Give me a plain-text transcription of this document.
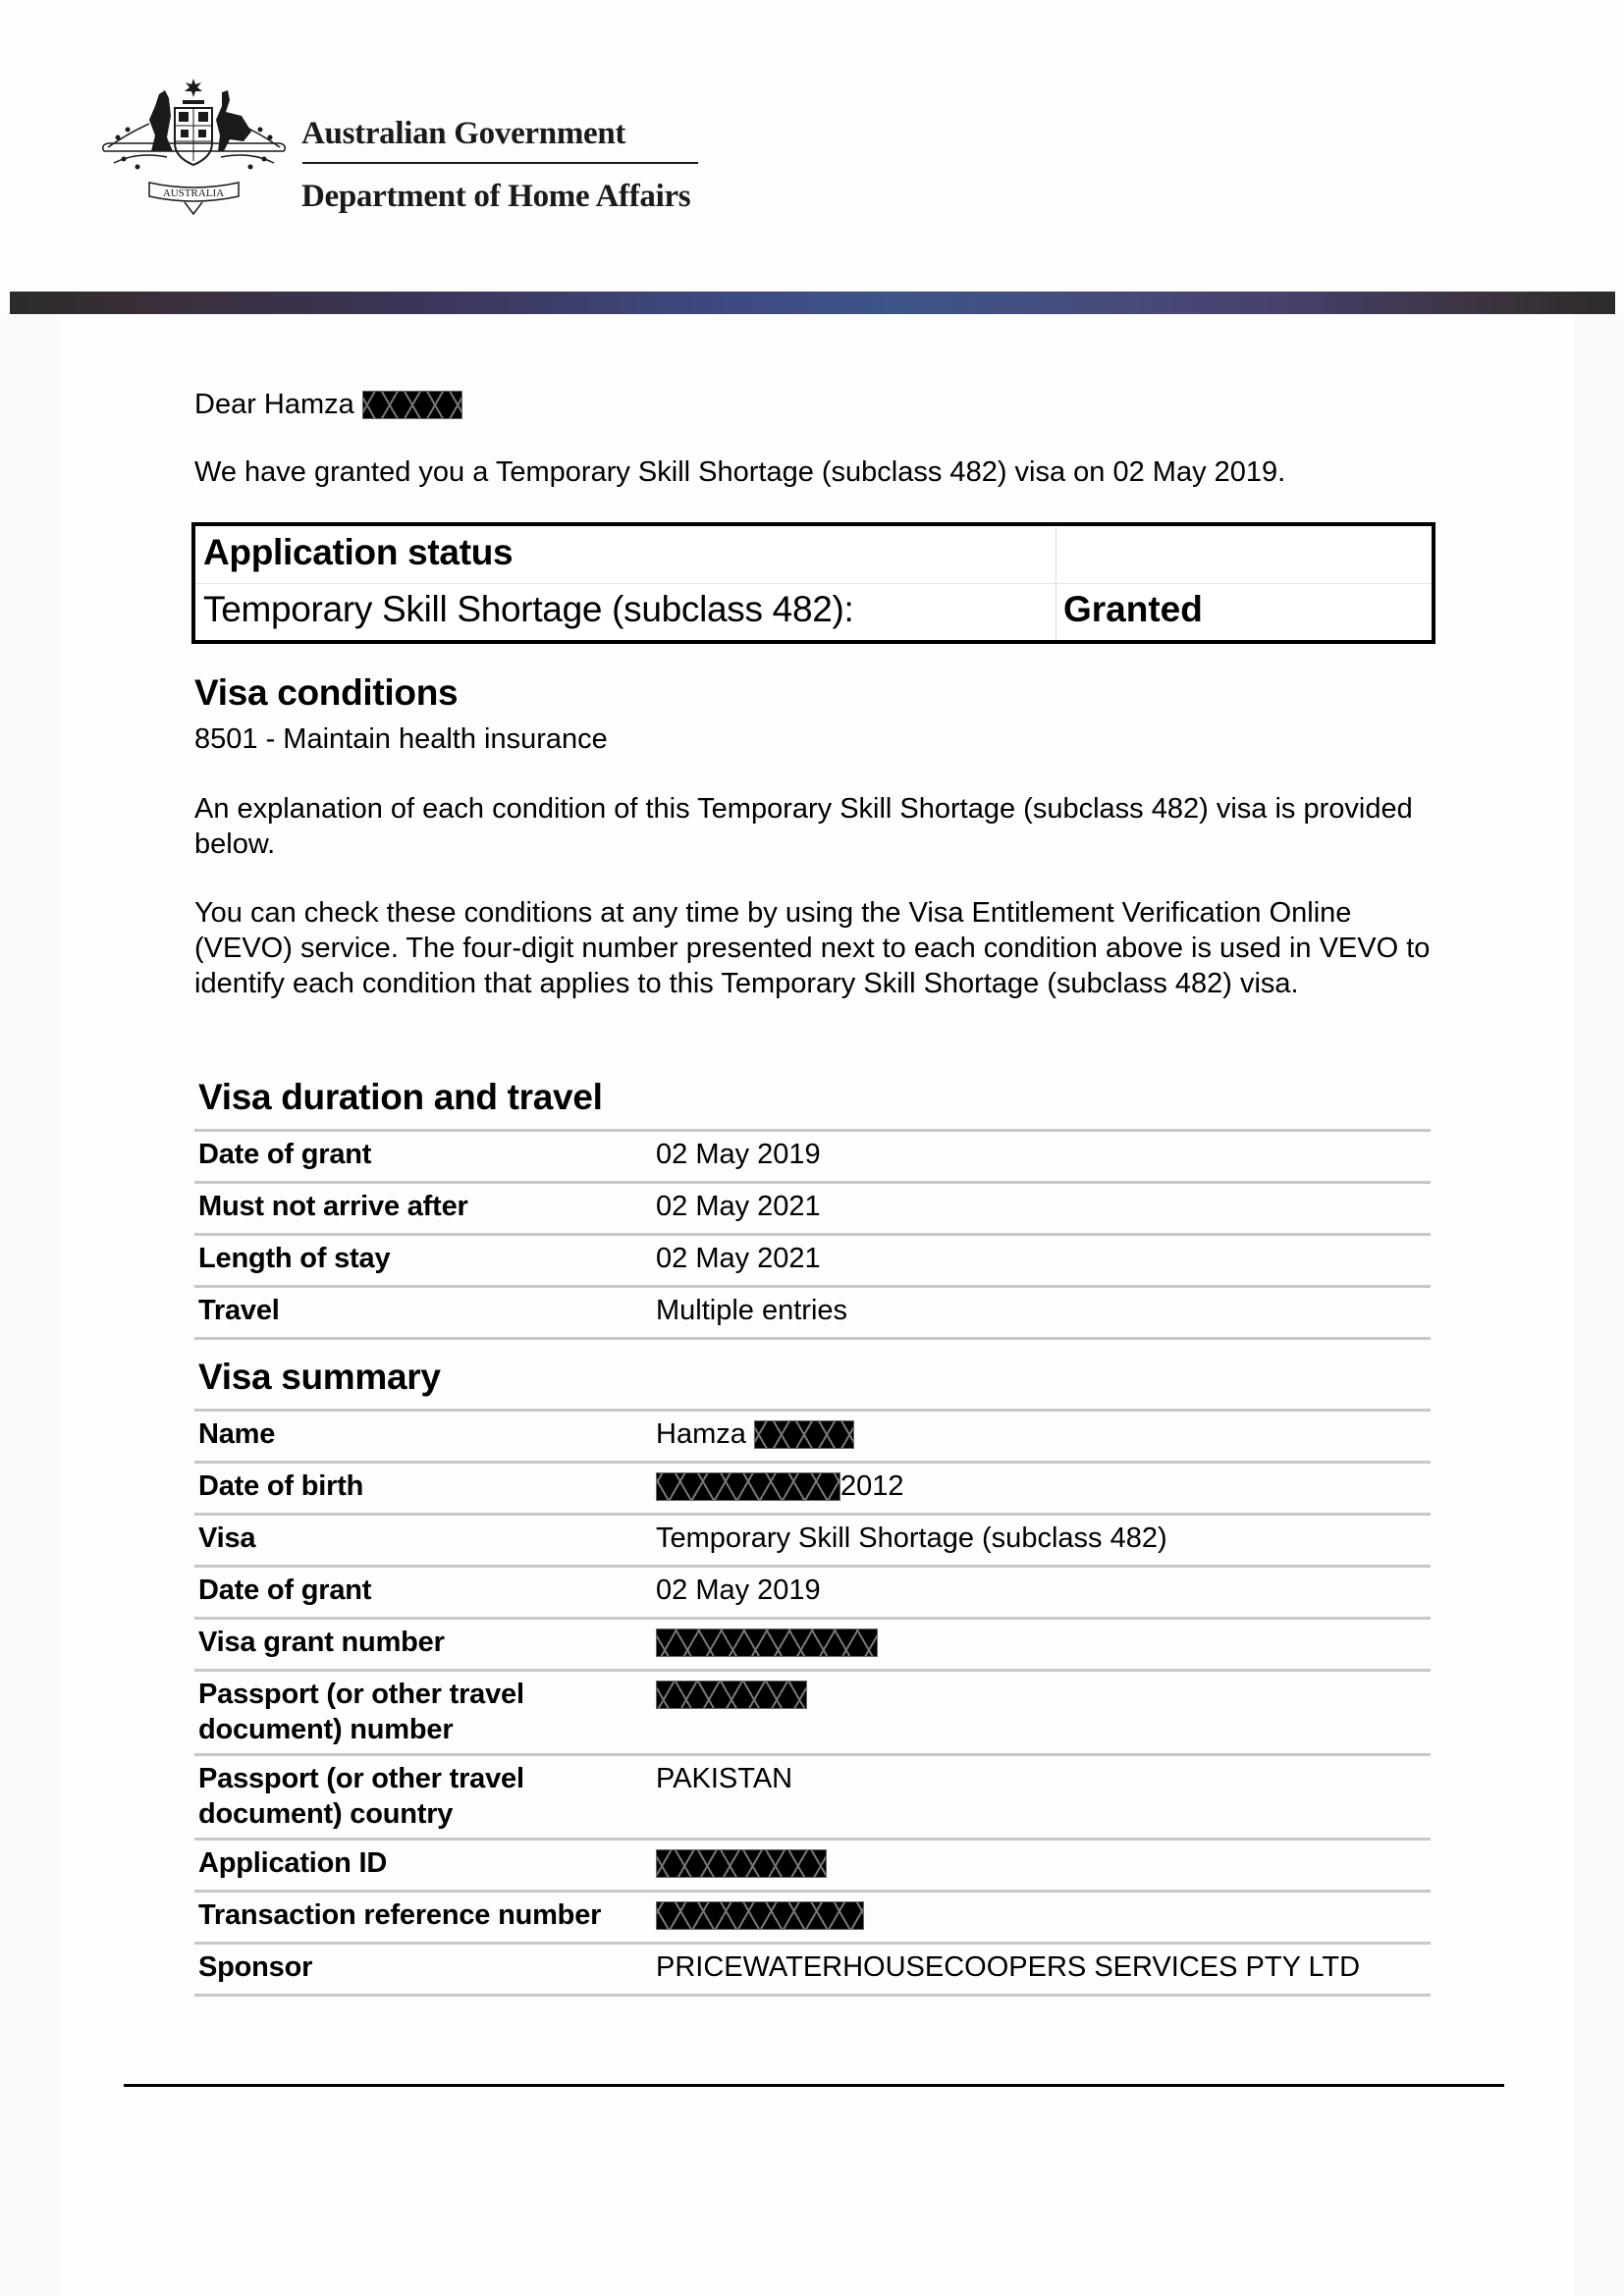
AUSTRALIA
Australian Government
Department of Home Affairs
Dear Hamza
We have granted you a Temporary Skill Shortage (subclass 482) visa on 02 May 2019.
Application status
Temporary Skill Shortage (subclass 482):	Granted
Visa conditions
8501 - Maintain health insurance
An explanation of each condition of this Temporary Skill Shortage (subclass 482) visa is provided below.
You can check these conditions at any time by using the Visa Entitlement Verification Online (VEVO) service. The four-digit number presented next to each condition above is used in VEVO to identify each condition that applies to this Temporary Skill Shortage (subclass 482) visa.
Visa duration and travel
Date of grant	02 May 2019
Must not arrive after	02 May 2021
Length of stay	02 May 2021
Travel	Multiple entries
Visa summary
Name	Hamza
Date of birth	2012
Visa	Temporary Skill Shortage (subclass 482)
Date of grant	02 May 2019
Visa grant number	
Passport (or other travel document) number	
Passport (or other travel document) country	PAKISTAN
Application ID	
Transaction reference number	
Sponsor	PRICEWATERHOUSECOOPERS SERVICES PTY LTD
